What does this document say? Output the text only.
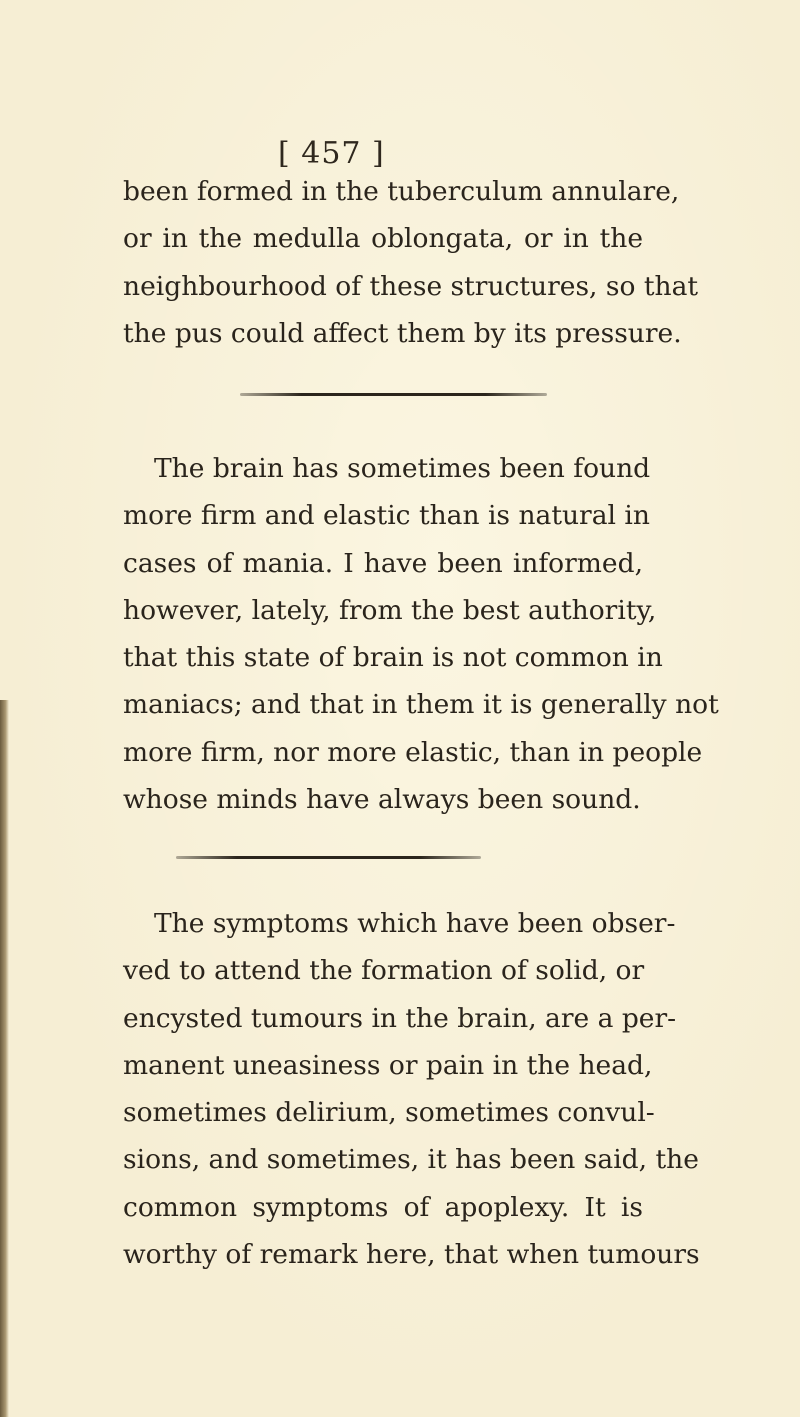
[ 457 ]
been formed in the tuberculum annulare,
or in the medulla oblongata, or in the
neighbourhood of these structures, so that
the pus could affect them by its pressure.
The brain has sometimes been found
more firm and elastic than is natural in
cases of mania. I have been informed,
however, lately, from the best authority,
that this state of brain is not common in
maniacs; and that in them it is generally not
more firm, nor more elastic, than in people
whose minds have always been sound.
The symptoms which have been obser-
ved to attend the formation of solid, or
encysted tumours in the brain, are a per-
manent uneasiness or pain in the head,
sometimes delirium, sometimes convul-
sions, and sometimes, it has been said, the
common symptoms of apoplexy. It is
worthy of remark here, that when tumours
